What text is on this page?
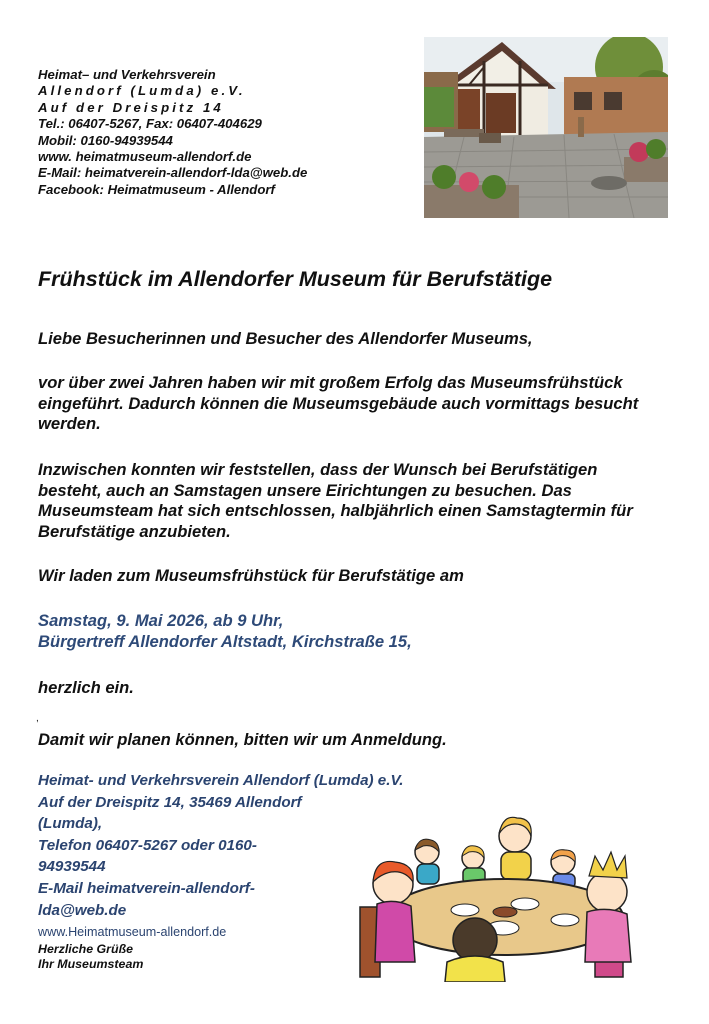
Heimat– und Verkehrsverein
Allendorf (Lumda) e.V.
Auf der Dreispitz 14
Tel.: 06407-5267, Fax: 06407-404629
Mobil: 0160-94939544
www. heimatmuseum-allendorf.de
E-Mail: heimatverein-allendorf-lda@web.de
Facebook: Heimatmuseum - Allendorf
Frühstück im Allendorfer Museum für Berufstätige
Liebe Besucherinnen und Besucher des Allendorfer Museums,
vor über zwei Jahren haben wir mit großem Erfolg das Museumsfrühstück
eingeführt. Dadurch können die Museumsgebäude auch vormittags besucht
werden.
Inzwischen konnten wir feststellen, dass der Wunsch bei Berufstätigen
besteht, auch an Samstagen unsere Eirichtungen zu besuchen. Das
Museumsteam hat sich entschlossen, halbjährlich einen Samstagtermin für
Berufstätige anzubieten.
Wir laden zum Museumsfrühstück für Berufstätige am
Samstag, 9. Mai 2026, ab 9 Uhr,
Bürgertreff Allendorfer Altstadt, Kirchstraße 15,
herzlich ein.
,
Damit wir planen können, bitten wir um Anmeldung.
Heimat- und Verkehrsverein Allendorf (Lumda) e.V.
Auf der Dreispitz 14, 35469 Allendorf
(Lumda),
Telefon 06407-5267 oder 0160-
94939544
E-Mail heimatverein-allendorf-
lda@web.de
www.Heimatmuseum-allendorf.de
Herzliche Grüße
Ihr Museumsteam
